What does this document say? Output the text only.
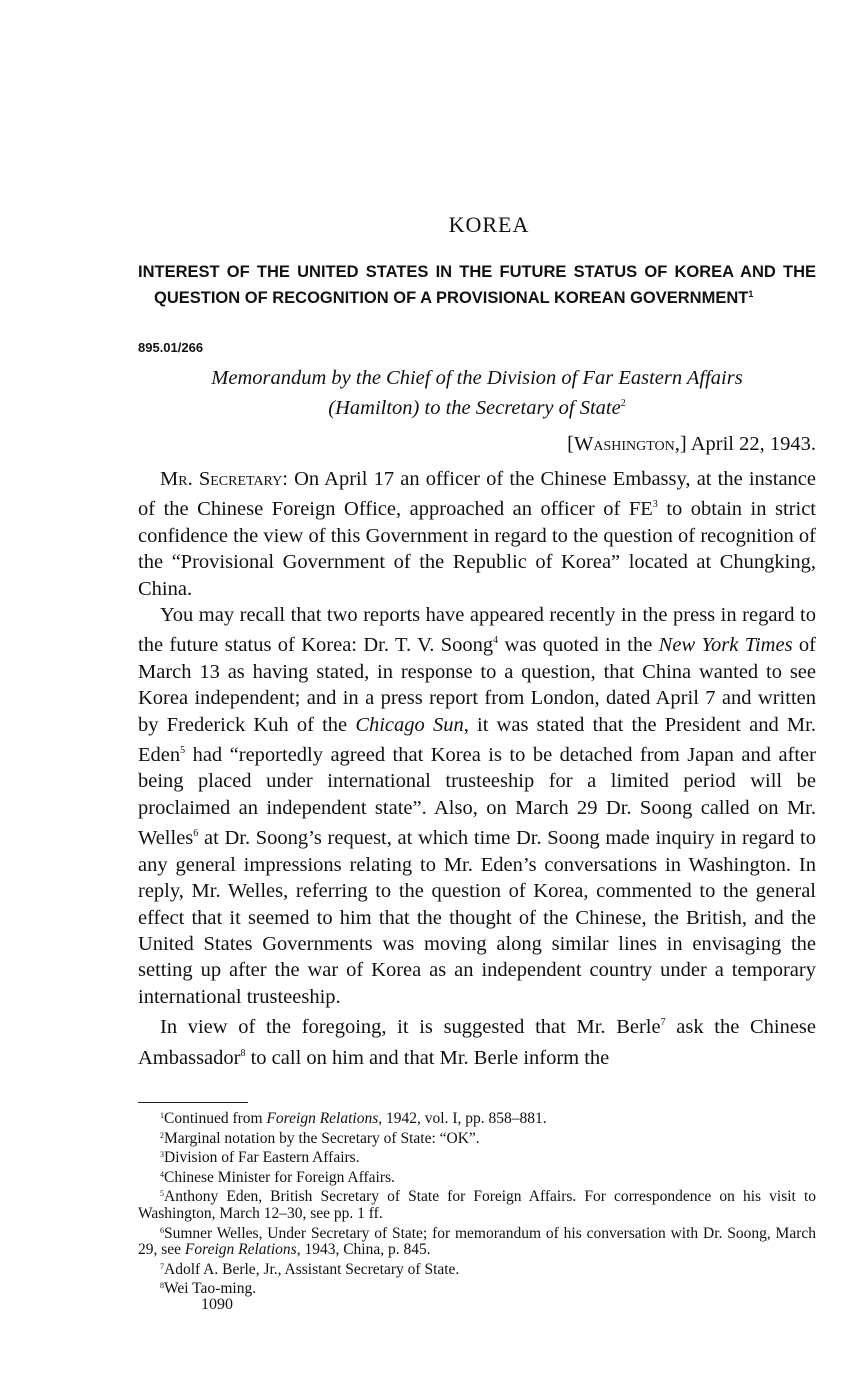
KOREA
INTEREST OF THE UNITED STATES IN THE FUTURE STATUS OF KOREA AND THE QUESTION OF RECOGNITION OF A PROVISIONAL KOREAN GOVERNMENT$^1$
895.01/266
Memorandum by the Chief of the Division of Far Eastern Affairs
(Hamilton) to the Secretary of State$^2$
[Washington,] April 22, 1943.

Mr. Secretary: On April 17 an officer of the Chinese Embassy, at the instance of the Chinese Foreign Office, approached an officer of $FE^3$ to obtain in strict confidence the view of this Government in regard to the question of recognition of the “Provisional Government of the Republic of Korea” located at Chungking, China.

You may recall that two reports have appeared recently in the press in regard to the future status of Korea: Dr. T. V. Soong$^4$ was quoted in the New York Times of March 13 as having stated, in response to a question, that China wanted to see Korea independent; and in a press report from London, dated April 7 and written by Frederick Kuh of the Chicago Sun, it was stated that the President and Mr. Eden$^5$ had “reportedly agreed that Korea is to be detached from Japan and after being placed under international trusteeship for a limited period will be proclaimed an independent state”. Also, on March 29 Dr. Soong called on Mr. Welles$^6$ at Dr. Soong’s request, at which time Dr. Soong made inquiry in regard to any general impressions relating to Mr. Eden’s conversations in Washington. In reply, Mr. Welles, referring to the question of Korea, commented to the general effect that it seemed to him that the thought of the Chinese, the British, and the United States Governments was moving along similar lines in envisaging the setting up after the war of Korea as an independent country under a temporary international trusteeship.

In view of the foregoing, it is suggested that Mr. Berle$^7$ ask the Chinese Ambassador$^8$ to call on him and that Mr. Berle inform the

$^1$Continued from Foreign Relations, 1942, vol. I, pp. 858–881.

$^2$Marginal notation by the Secretary of State: “OK”.

$^3$Division of Far Eastern Affairs.

$^4$Chinese Minister for Foreign Affairs.

$^5$Anthony Eden, British Secretary of State for Foreign Affairs. For correspondence on his visit to Washington, March 12–30, see pp. 1 ff.

$^6$Sumner Welles, Under Secretary of State; for memorandum of his conversation with Dr. Soong, March 29, see Foreign Relations, 1943, China, p. 845.

$^7$Adolf A. Berle, Jr., Assistant Secretary of State.

$^8$Wei Tao-ming.

1090
